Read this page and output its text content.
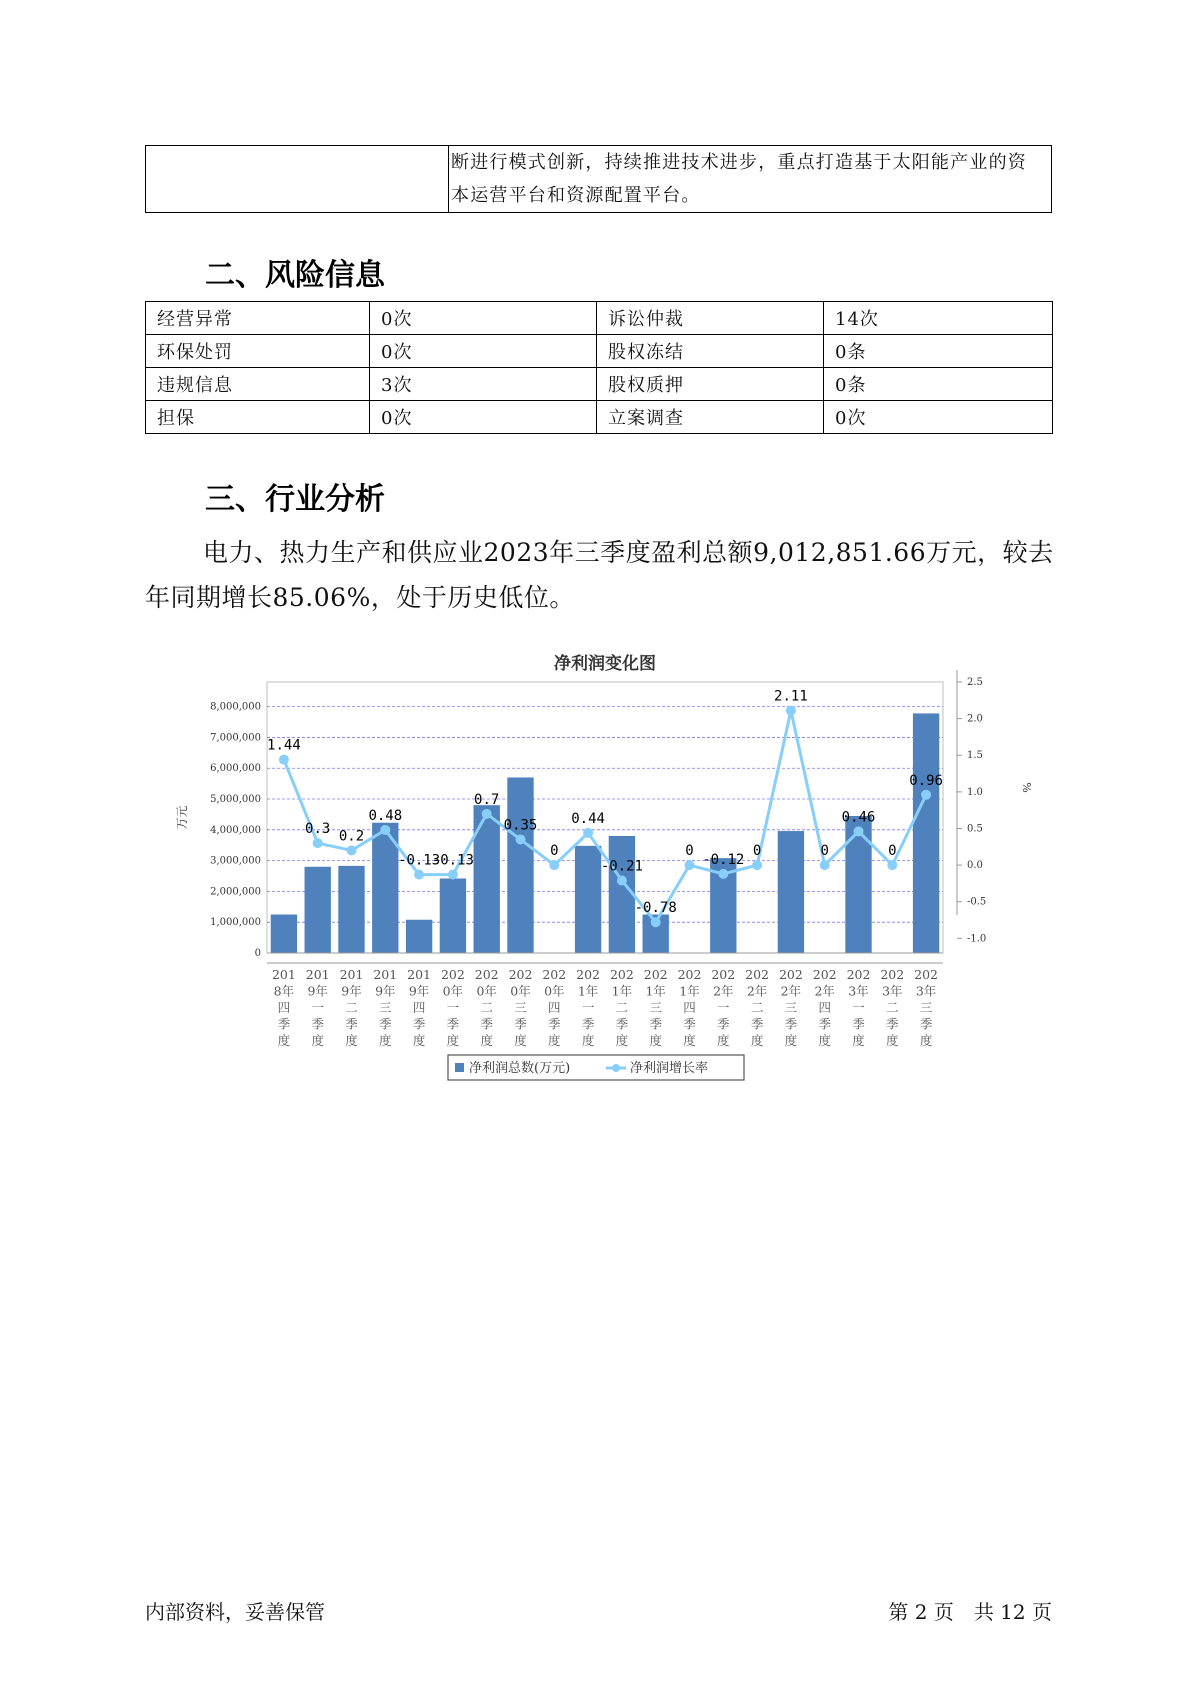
断进行模式创新，持续推进技术进步，重点打造基于太阳能产业的资
本运营平台和资源配置平台。
二、风险信息
经营异常	0次	诉讼仲裁	14次
环保处罚	0次	股权冻结	0条
违规信息	3次	股权质押	0条
担保	0次	立案调查	0次
三、行业分析

电力、热力生产和供应业2023年三季度盈利总额9,012,851.66万元，较去年同期增长85.06%，处于历史低位。

净利润变化图
0
1,000,000
2,000,000
3,000,000
4,000,000
5,000,000
6,000,000
7,000,000
8,000,000
万元
-1.0
-0.5
0.0
0.5
1.0
1.5
2.0
2.5
%
1.44
0.3 0.2
0.48
-0.13
-0.13
0.7
0.35
0
0.44
-0.21
-0.78
0
-0.12
0
2.11
0
0.46
0
0.96
201
8年
四
季
度
201
9年
一
季
度
201
9年
二
季
度
201
9年
三
季
度
201
9年
四
季
度
202
0年
一
季
度
202
0年
二
季
度
202
0年
三
季
度
202
0年
四
季
度
202
1年
一
季
度
202
1年
二
季
度
202
1年
三
季
度
202
1年
四
季
度
202
2年
一
季
度
202
2年
二
季
度
202
2年
三
季
度
202
2年
四
季
度
202
3年
一
季
度
202
3年
二
季
度
202
3年
三
季
度
净利润总数(万元)	净利润增长率
内部资料，妥善保管	第 2 页　共 12 页
